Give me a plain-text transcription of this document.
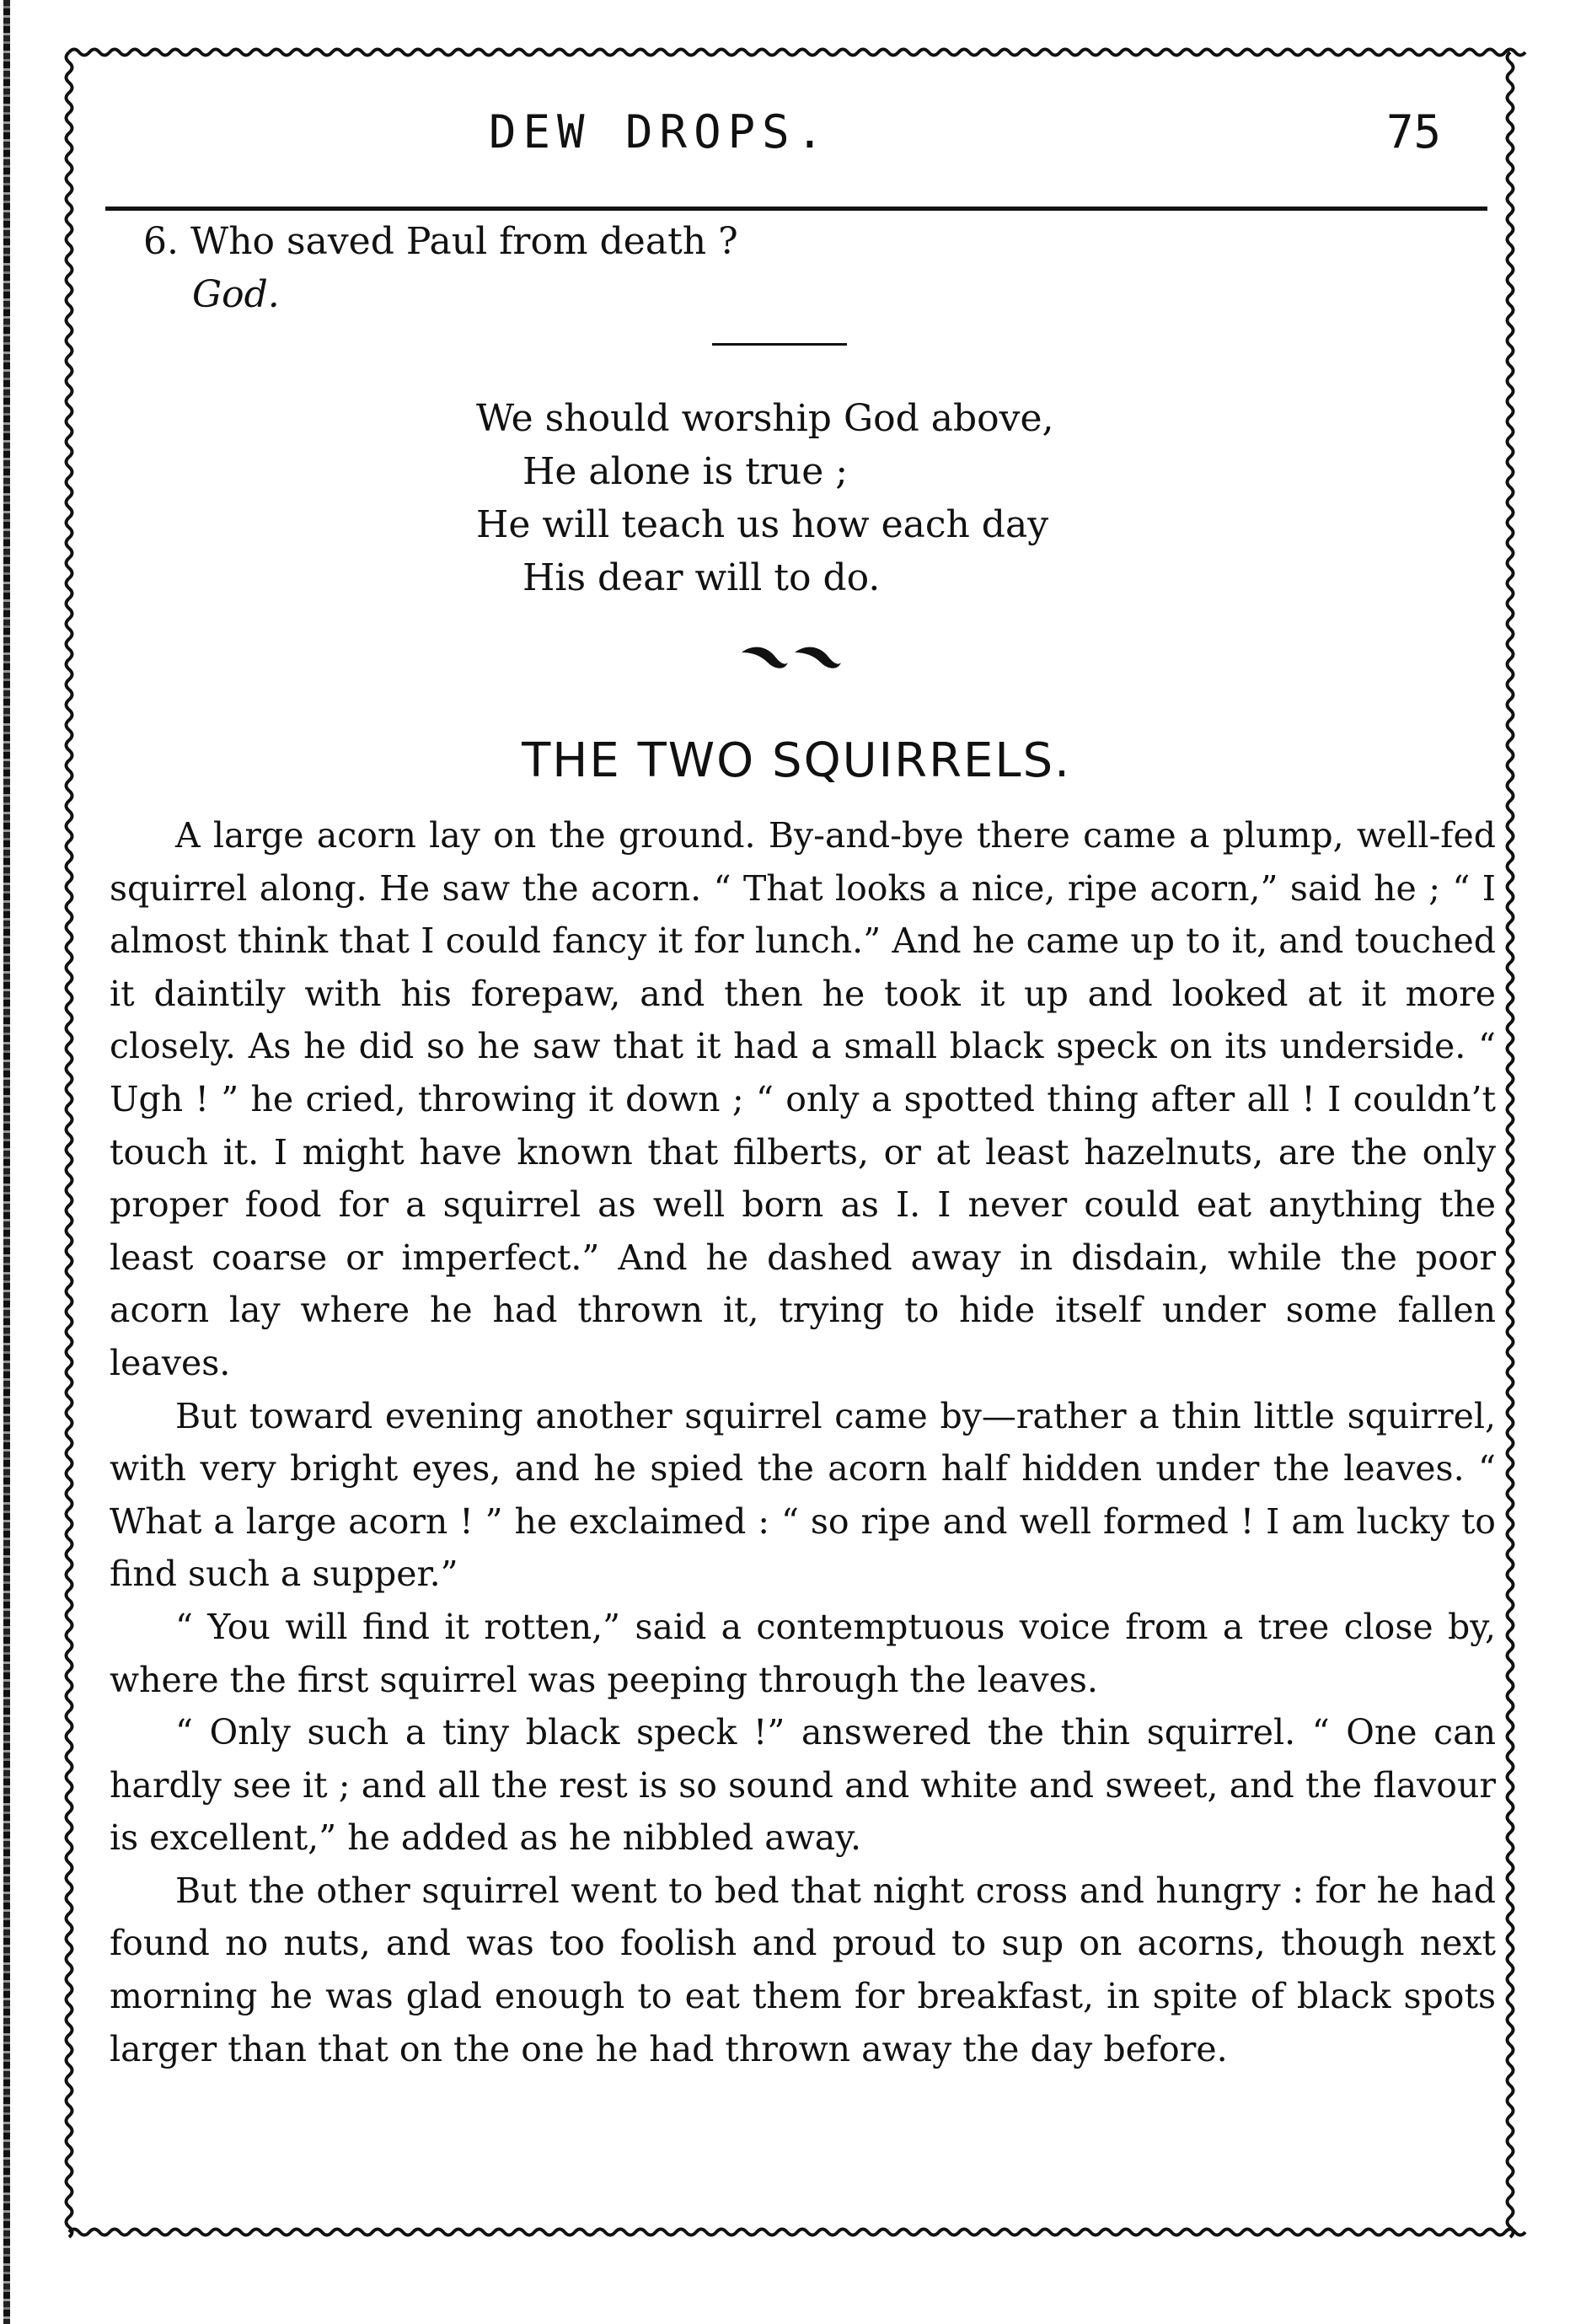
DEW DROPS.	75
6. Who saved Paul from death ?
God.
We should worship God above,
He alone is true ;
He will teach us how each day
His dear will to do.
THE TWO SQUIRRELS.

A large acorn lay on the ground. By-and-bye there came a plump, well-fed squirrel along. He saw the acorn. “ That looks a nice, ripe acorn,” said he ; “ I almost think that I could fancy it for lunch.” And he came up to it, and touched it daintily with his forepaw, and then he took it up and looked at it more closely. As he did so he saw that it had a small black speck on its underside. “ Ugh ! ” he cried, throwing it down ; “ only a spotted thing after all ! I couldn’t touch it. I might have known that filberts, or at least hazelnuts, are the only proper food for a squirrel as well born as I. I never could eat anything the least coarse or imperfect.” And he dashed away in disdain, while the poor acorn lay where he had thrown it, trying to hide itself under some fallen leaves.

But toward evening another squirrel came by—rather a thin little squirrel, with very bright eyes, and he spied the acorn half hidden under the leaves. “ What a large acorn ! ” he exclaimed : “ so ripe and well formed ! I am lucky to find such a supper.”

“ You will find it rotten,” said a contemptuous voice from a tree close by, where the first squirrel was peeping through the leaves.

“ Only such a tiny black speck !” answered the thin squirrel. “ One can hardly see it ; and all the rest is so sound and white and sweet, and the flavour is excellent,” he added as he nibbled away.

But the other squirrel went to bed that night cross and hungry : for he had found no nuts, and was too foolish and proud to sup on acorns, though next morning he was glad enough to eat them for breakfast, in spite of black spots larger than that on the one he had thrown away the day before.
